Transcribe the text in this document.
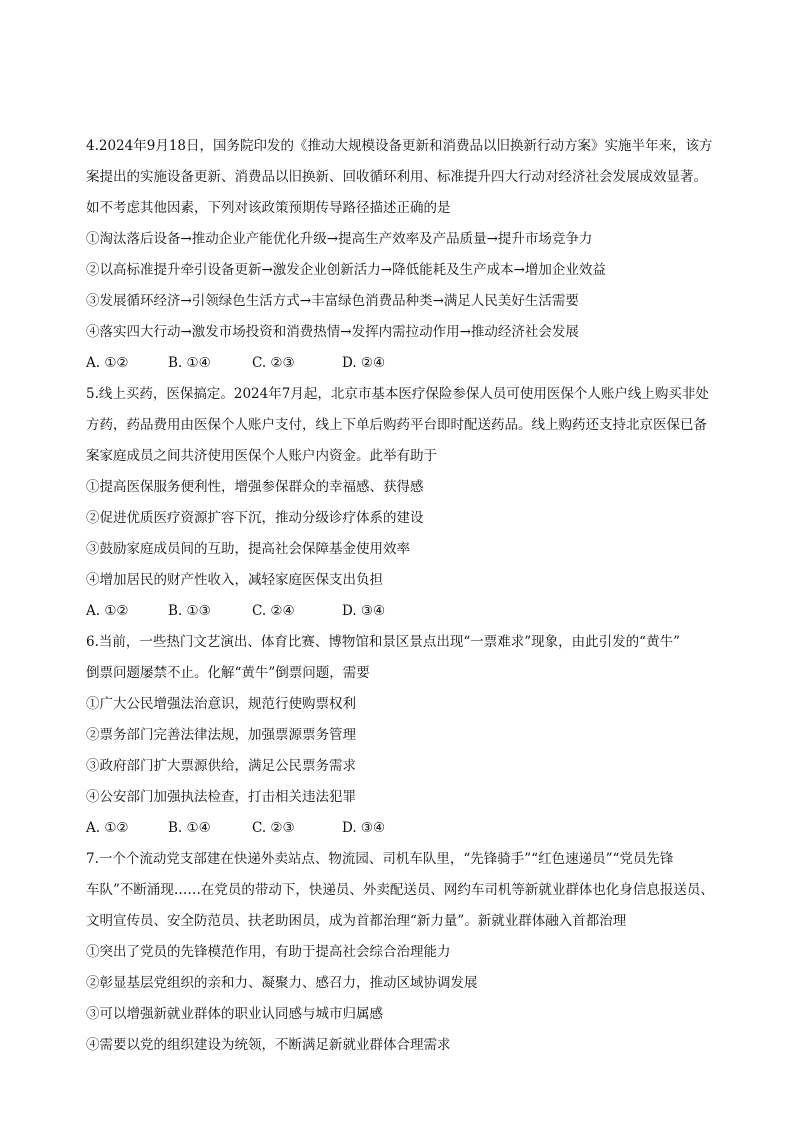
4.2024年9月18日，国务院印发的《推动大规模设备更新和消费品以旧换新行动方案》实施半年来，该方
案提出的实施设备更新、消费品以旧换新、回收循环利用、标准提升四大行动对经济社会发展成效显著。
如不考虑其他因素，下列对该政策预期传导路径描述正确的是
①淘汰落后设备→推动企业产能优化升级→提高生产效率及产品质量→提升市场竞争力
②以高标准提升牵引设备更新→激发企业创新活力→降低能耗及生产成本→增加企业效益
③发展循环经济→引领绿色生活方式→丰富绿色消费品种类→满足人民美好生活需要
④落实四大行动→激发市场投资和消费热情→发挥内需拉动作用→推动经济社会发展
A. ①②	B. ①④	C. ②③	D. ②④
5.线上买药，医保搞定。2024年7月起，北京市基本医疗保险参保人员可使用医保个人账户线上购买非处
方药，药品费用由医保个人账户支付，线上下单后购药平台即时配送药品。线上购药还支持北京医保已备
案家庭成员之间共济使用医保个人账户内资金。此举有助于
①提高医保服务便利性，增强参保群众的幸福感、获得感
②促进优质医疗资源扩容下沉，推动分级诊疗体系的建设
③鼓励家庭成员间的互助，提高社会保障基金使用效率
④增加居民的财产性收入，减轻家庭医保支出负担
A. ①②	B. ①③	C. ②④	D. ③④
6.当前，一些热门文艺演出、体育比赛、博物馆和景区景点出现“一票难求”现象，由此引发的“黄牛”
倒票问题屡禁不止。化解“黄牛”倒票问题，需要
①广大公民增强法治意识，规范行使购票权利
②票务部门完善法律法规，加强票源票务管理
③政府部门扩大票源供给，满足公民票务需求
④公安部门加强执法检查，打击相关违法犯罪
A. ①②	B. ①④	C. ②③	D. ③④
7.一个个流动党支部建在快递外卖站点、物流园、司机车队里，“先锋骑手”“红色速递员”“党员先锋
车队”不断涌现……在党员的带动下，快递员、外卖配送员、网约车司机等新就业群体也化身信息报送员、
文明宣传员、安全防范员、扶老助困员，成为首都治理“新力量”。新就业群体融入首都治理
①突出了党员的先锋模范作用，有助于提高社会综合治理能力
②彰显基层党组织的亲和力、凝聚力、感召力，推动区域协调发展
③可以增强新就业群体的职业认同感与城市归属感
④需要以党的组织建设为统领，不断满足新就业群体合理需求
